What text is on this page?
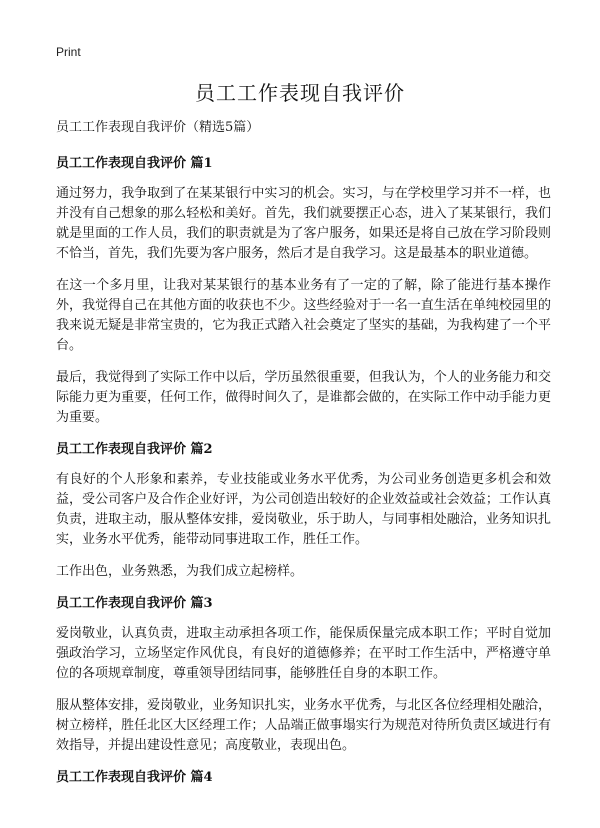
Print
员工工作表现自我评价

员工工作表现自我评价（精选5篇）

员工工作表现自我评价 篇1

通过努力，我争取到了在某某银行中实习的机会。实习，与在学校里学习并不一样，也并没有自己想象的那么轻松和美好。首先，我们就要摆正心态，进入了某某银行，我们就是里面的工作人员，我们的职责就是为了客户服务，如果还是将自己放在学习阶段则不恰当，首先，我们先要为客户服务，然后才是自我学习。这是最基本的职业道德。

在这一个多月里，让我对某某银行的基本业务有了一定的了解，除了能进行基本操作外，我觉得自己在其他方面的收获也不少。这些经验对于一名一直生活在单纯校园里的我来说无疑是非常宝贵的，它为我正式踏入社会奠定了坚实的基础，为我构建了一个平台。

最后，我觉得到了实际工作中以后，学历虽然很重要，但我认为，个人的业务能力和交际能力更为重要，任何工作，做得时间久了，是谁都会做的，在实际工作中动手能力更为重要。

员工工作表现自我评价 篇2

有良好的个人形象和素养，专业技能或业务水平优秀，为公司业务创造更多机会和效益，受公司客户及合作企业好评，为公司创造出较好的企业效益或社会效益；工作认真负责，进取主动，服从整体安排，爱岗敬业，乐于助人，与同事相处融洽，业务知识扎实，业务水平优秀，能带动同事进取工作，胜任工作。

工作出色，业务熟悉，为我们成立起榜样。

员工工作表现自我评价 篇3

爱岗敬业，认真负责，进取主动承担各项工作，能保质保量完成本职工作；平时自觉加强政治学习，立场坚定作风优良，有良好的道德修养；在平时工作生活中，严格遵守单位的各项规章制度，尊重领导团结同事，能够胜任自身的本职工作。

服从整体安排，爱岗敬业，业务知识扎实，业务水平优秀，与北区各位经理相处融洽，树立榜样，胜任北区大区经理工作；人品端正做事塌实行为规范对待所负责区域进行有效指导，并提出建设性意见；高度敬业，表现出色。

员工工作表现自我评价 篇4
